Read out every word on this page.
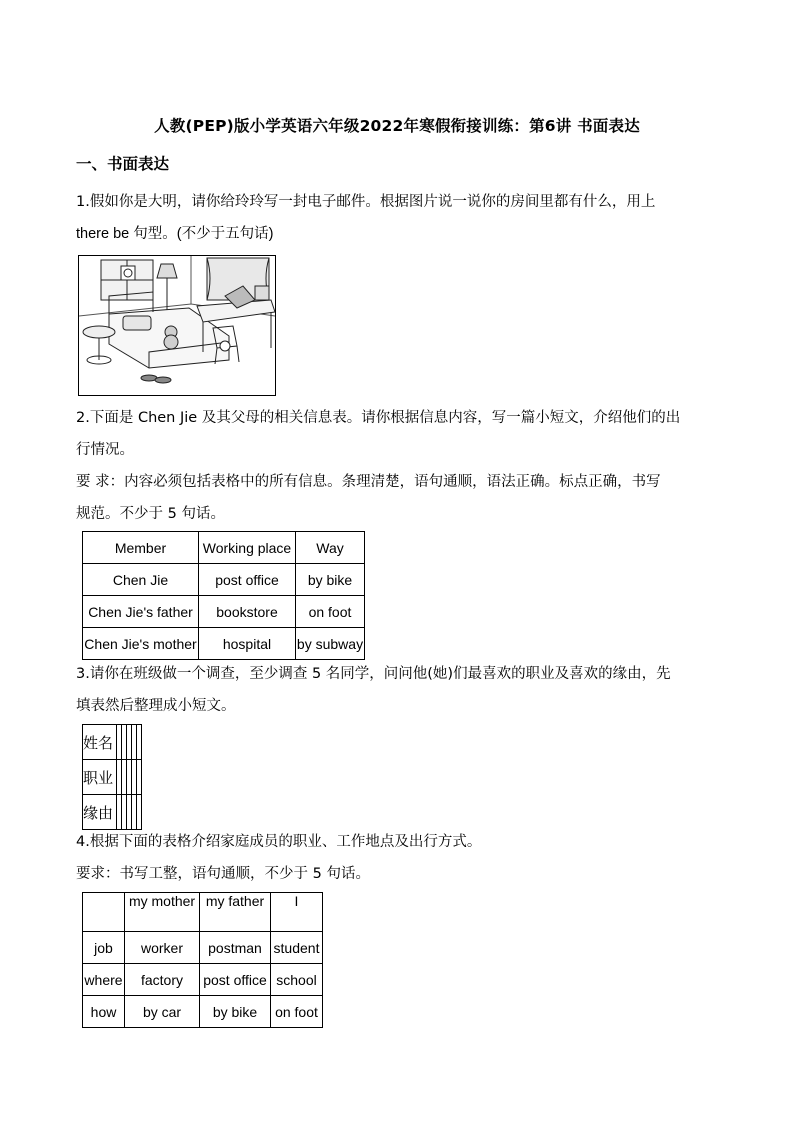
人教(PEP)版小学英语六年级2022年寒假衔接训练：第6讲 书面表达
一、书面表达
1.假如你是大明，请你给玲玲写一封电子邮件。根据图片说一说你的房间里都有什么，用上
there be 句型。(不少于五句话)
2.下面是 Chen Jie 及其父母的相关信息表。请你根据信息内容，写一篇小短文，介绍他们的出
行情况。
要 求：内容必须包括表格中的所有信息。条理清楚，语句通顺，语法正确。标点正确，书写
规范。不少于 5 句话。
Member	Working place	Way
Chen Jie	post office	by bike
Chen Jie's father	bookstore	on foot
Chen Jie's mother	hospital	by subway
3.请你在班级做一个调查，至少调查 5 名同学，问问他(她)们最喜欢的职业及喜欢的缘由，先
填表然后整理成小短文。
姓名					
职业					
缘由					
4.根据下面的表格介绍家庭成员的职业、工作地点及出行方式。
要求：书写工整，语句通顺，不少于 5 句话。
	my mother	my father	I
job	worker	postman	student
where	factory	post office	school
how	by car	by bike	on foot
